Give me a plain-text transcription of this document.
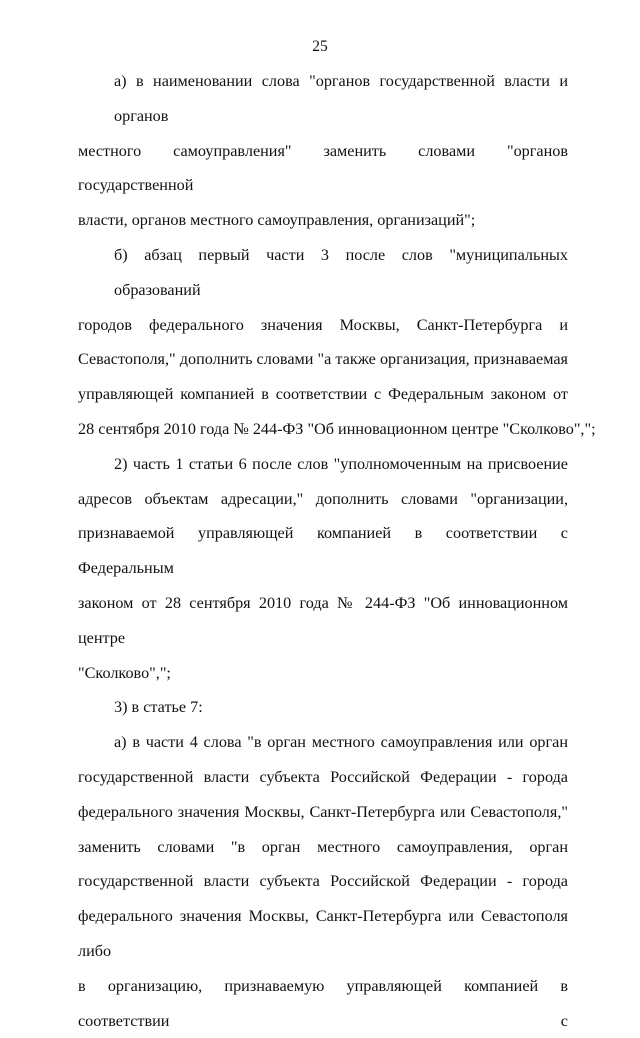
25

а) в наименовании слова "органов государственной власти и органов
местного самоуправления" заменить словами "органов государственной
власти, органов местного самоуправления, организаций";

б) абзац первый части 3 после слов "муниципальных образований
городов федерального значения Москвы, Санкт-Петербурга и
Севастополя," дополнить словами "а также организация, признаваемая
управляющей компанией в соответствии с Федеральным законом от
28 сентября 2010 года № 244-ФЗ "Об инновационном центре "Сколково",";

2) часть 1 статьи 6 после слов "уполномоченным на присвоение
адресов объектам адресации," дополнить словами "организации,
признаваемой управляющей компанией в соответствии с Федеральным
законом от 28 сентября 2010 года № 244-ФЗ "Об инновационном центре
"Сколково",";

3) в статье 7:

а) в части 4 слова "в орган местного самоуправления или орган
государственной власти субъекта Российской Федерации - города
федерального значения Москвы, Санкт-Петербурга или Севастополя,"
заменить словами "в орган местного самоуправления, орган
государственной власти субъекта Российской Федерации - города
федерального значения Москвы, Санкт-Петербурга или Севастополя либо
в организацию, признаваемую управляющей компанией в соответствии с
